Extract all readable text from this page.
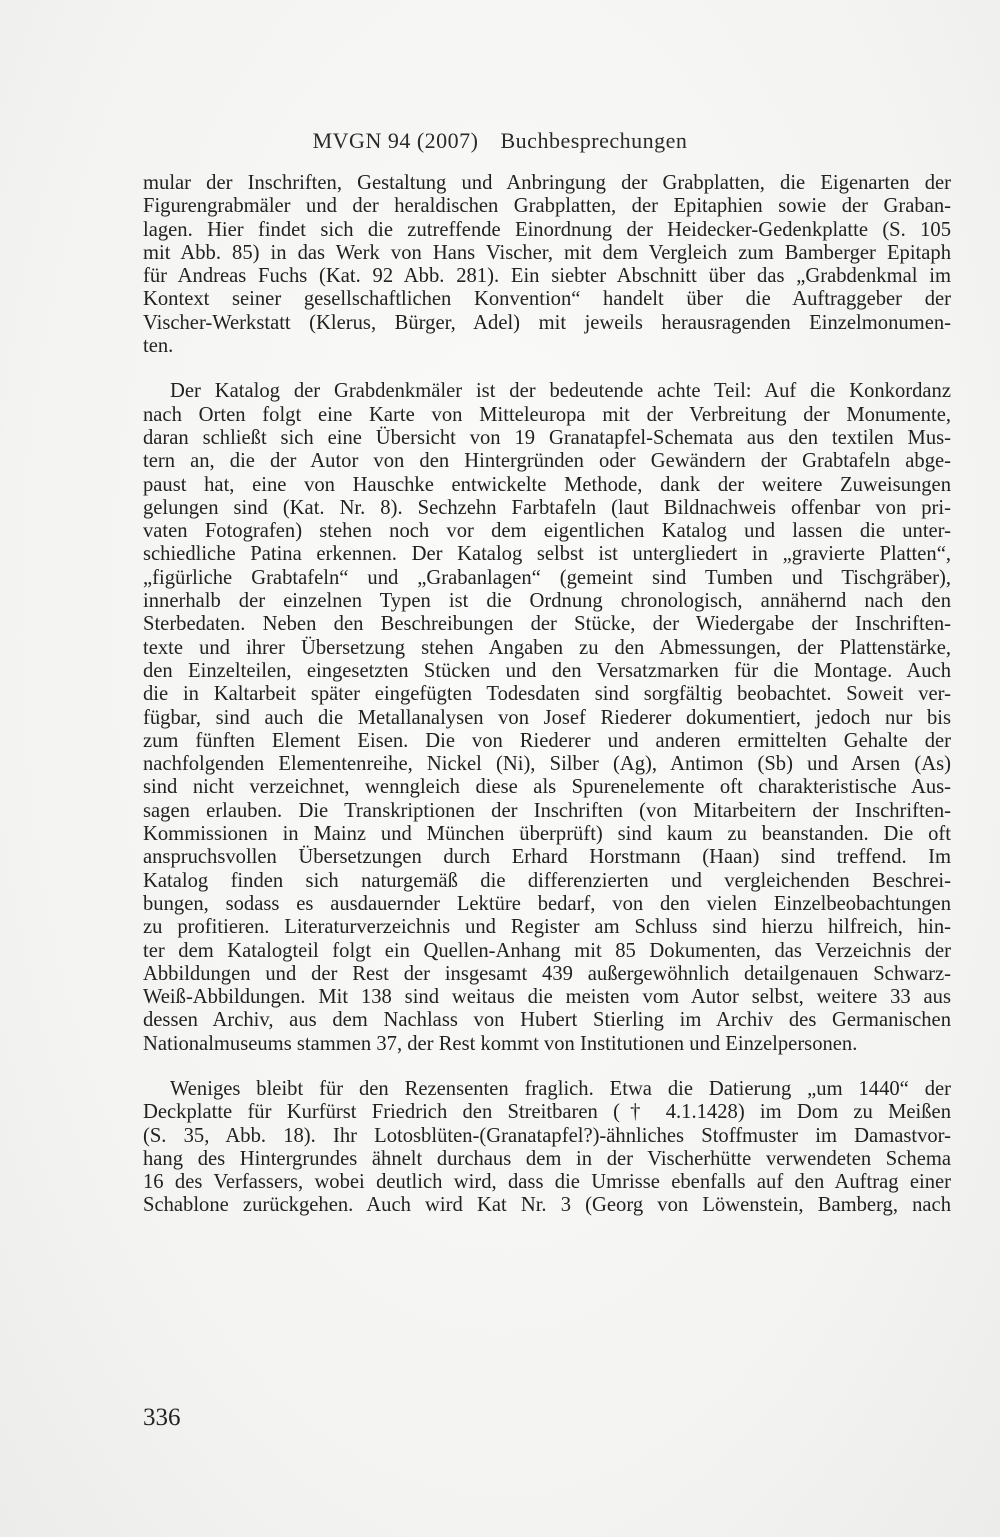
MVGN 94 (2007) Buchbesprechungen
mular der Inschriften, Gestaltung und Anbringung der Grabplatten, die Eigenarten der
Figurengrabmäler und der heraldischen Grabplatten, der Epitaphien sowie der Graban-
lagen. Hier findet sich die zutreffende Einordnung der Heidecker-Gedenkplatte (S. 105
mit Abb. 85) in das Werk von Hans Vischer, mit dem Vergleich zum Bamberger Epitaph
für Andreas Fuchs (Kat. 92 Abb. 281). Ein siebter Abschnitt über das „Grabdenkmal im
Kontext seiner gesellschaftlichen Konvention“ handelt über die Auftraggeber der
Vischer-Werkstatt (Klerus, Bürger, Adel) mit jeweils herausragenden Einzelmonumen-
ten.
Der Katalog der Grabdenkmäler ist der bedeutende achte Teil: Auf die Konkordanz
nach Orten folgt eine Karte von Mitteleuropa mit der Verbreitung der Monumente,
daran schließt sich eine Übersicht von 19 Granatapfel-Schemata aus den textilen Mus-
tern an, die der Autor von den Hintergründen oder Gewändern der Grabtafeln abge-
paust hat, eine von Hauschke entwickelte Methode, dank der weitere Zuweisungen
gelungen sind (Kat. Nr. 8). Sechzehn Farbtafeln (laut Bildnachweis offenbar von pri-
vaten Fotografen) stehen noch vor dem eigentlichen Katalog und lassen die unter-
schiedliche Patina erkennen. Der Katalog selbst ist untergliedert in „gravierte Platten“,
„figürliche Grabtafeln“ und „Grabanlagen“ (gemeint sind Tumben und Tischgräber),
innerhalb der einzelnen Typen ist die Ordnung chronologisch, annähernd nach den
Sterbedaten. Neben den Beschreibungen der Stücke, der Wiedergabe der Inschriften-
texte und ihrer Übersetzung stehen Angaben zu den Abmessungen, der Plattenstärke,
den Einzelteilen, eingesetzten Stücken und den Versatzmarken für die Montage. Auch
die in Kaltarbeit später eingefügten Todesdaten sind sorgfältig beobachtet. Soweit ver-
fügbar, sind auch die Metallanalysen von Josef Riederer dokumentiert, jedoch nur bis
zum fünften Element Eisen. Die von Riederer und anderen ermittelten Gehalte der
nachfolgenden Elementenreihe, Nickel (Ni), Silber (Ag), Antimon (Sb) und Arsen (As)
sind nicht verzeichnet, wenngleich diese als Spurenelemente oft charakteristische Aus-
sagen erlauben. Die Transkriptionen der Inschriften (von Mitarbeitern der Inschriften-
Kommissionen in Mainz und München überprüft) sind kaum zu beanstanden. Die oft
anspruchsvollen Übersetzungen durch Erhard Horstmann (Haan) sind treffend. Im
Katalog finden sich naturgemäß die differenzierten und vergleichenden Beschrei-
bungen, sodass es ausdauernder Lektüre bedarf, von den vielen Einzelbeobachtungen
zu profitieren. Literaturverzeichnis und Register am Schluss sind hierzu hilfreich, hin-
ter dem Katalogteil folgt ein Quellen-Anhang mit 85 Dokumenten, das Verzeichnis der
Abbildungen und der Rest der insgesamt 439 außergewöhnlich detailgenauen Schwarz-
Weiß-Abbildungen. Mit 138 sind weitaus die meisten vom Autor selbst, weitere 33 aus
dessen Archiv, aus dem Nachlass von Hubert Stierling im Archiv des Germanischen
Nationalmuseums stammen 37, der Rest kommt von Institutionen und Einzelpersonen.
Weniges bleibt für den Rezensenten fraglich. Etwa die Datierung „um 1440“ der
Deckplatte für Kurfürst Friedrich den Streitbaren († 4.1.1428) im Dom zu Meißen
(S. 35, Abb. 18). Ihr Lotosblüten-(Granatapfel?)-ähnliches Stoffmuster im Damastvor-
hang des Hintergrundes ähnelt durchaus dem in der Vischerhütte verwendeten Schema
16 des Verfassers, wobei deutlich wird, dass die Umrisse ebenfalls auf den Auftrag einer
Schablone zurückgehen. Auch wird Kat Nr. 3 (Georg von Löwenstein, Bamberg, nach
336
